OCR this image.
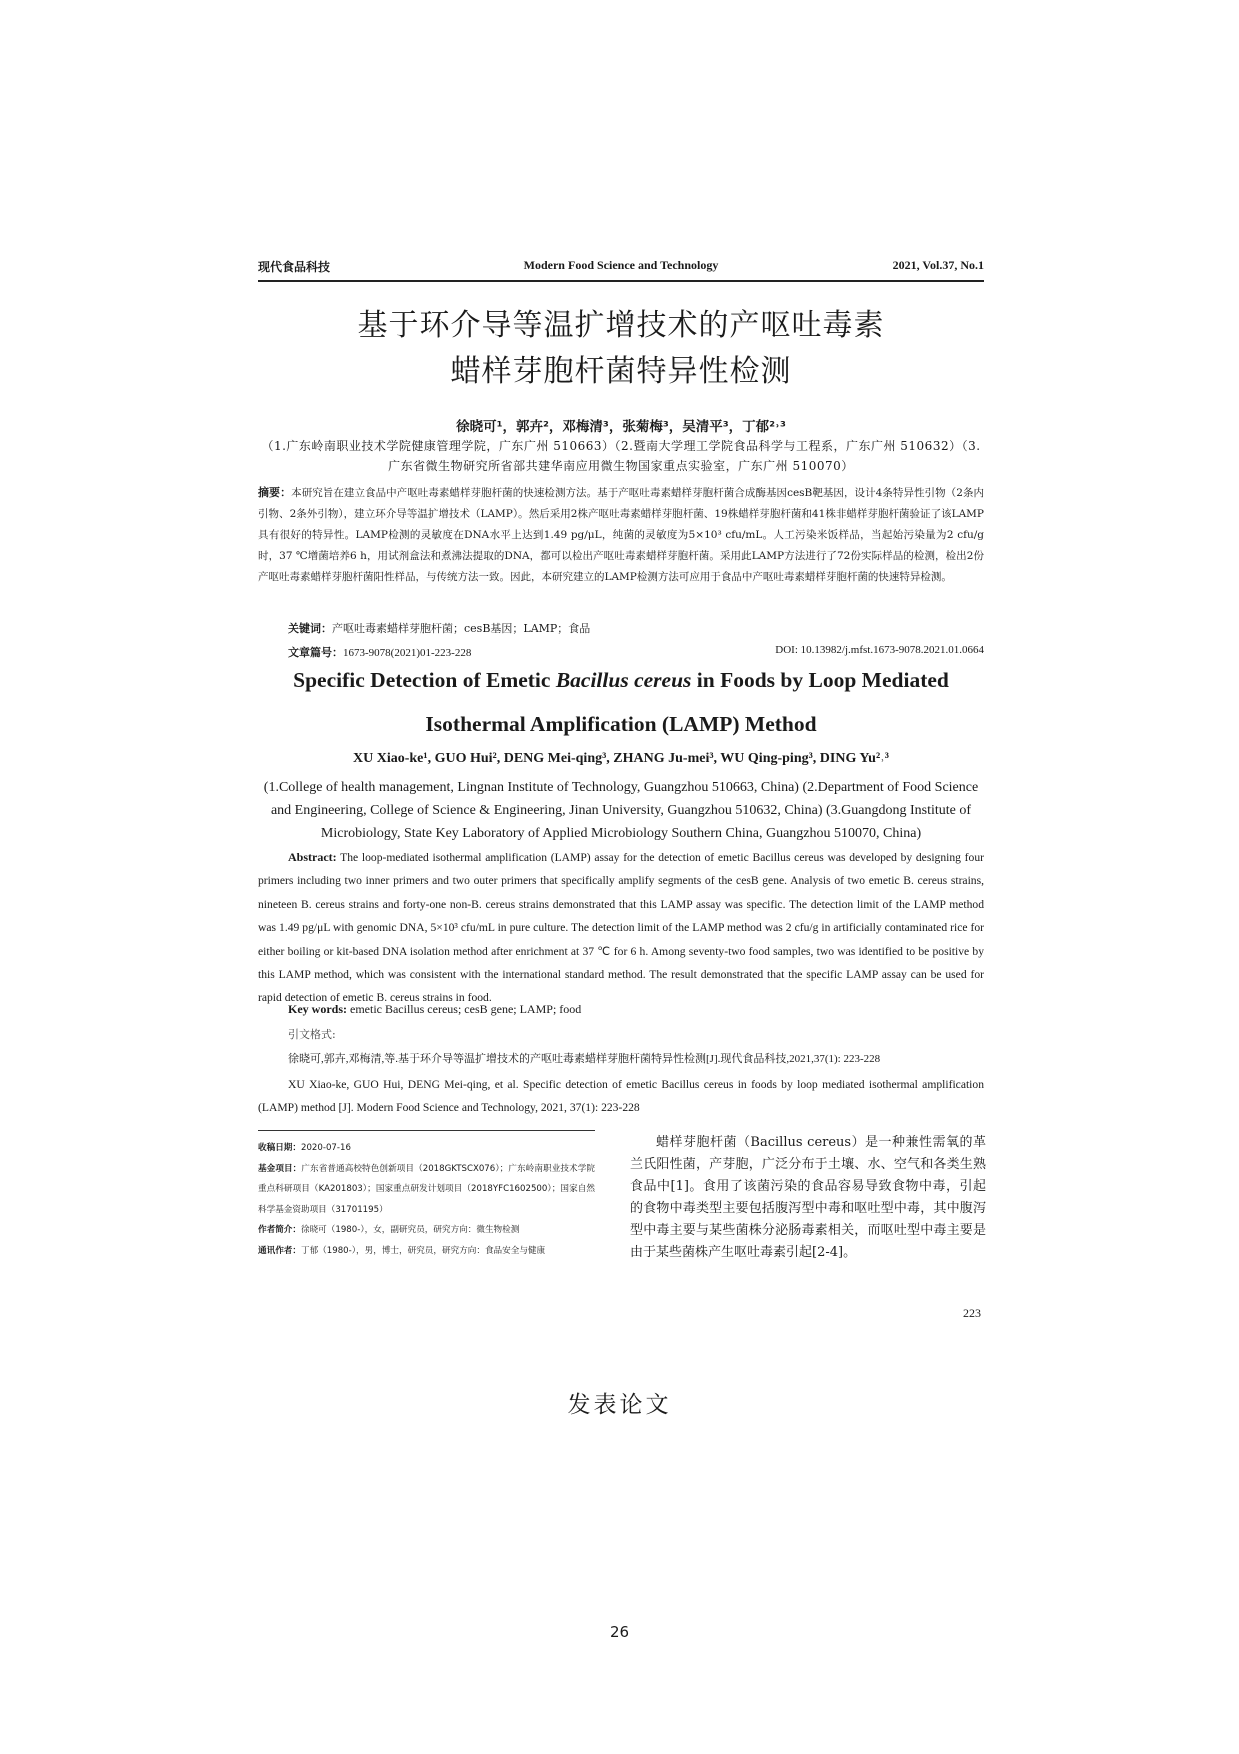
现代食品科技	Modern Food Science and Technology	2021, Vol.37, No.1
基于环介导等温扩增技术的产呕吐毒素
蜡样芽胞杆菌特异性检测
徐晓可¹，郭卉²，邓梅清³，张菊梅³，吴清平³，丁郁²˒³
（1.广东岭南职业技术学院健康管理学院，广东广州 510663）（2.暨南大学理工学院食品科学与工程系，广东广州 510632）（3.广东省微生物研究所省部共建华南应用微生物国家重点实验室，广东广州 510070）
摘要：本研究旨在建立食品中产呕吐毒素蜡样芽胞杆菌的快速检测方法。基于产呕吐毒素蜡样芽胞杆菌合成酶基因cesB靶基因，设计4条特异性引物（2条内引物、2条外引物），建立环介导等温扩增技术（LAMP）。然后采用2株产呕吐毒素蜡样芽胞杆菌、19株蜡样芽胞杆菌和41株非蜡样芽胞杆菌验证了该LAMP具有很好的特异性。LAMP检测的灵敏度在DNA水平上达到1.49 pg/μL，纯菌的灵敏度为5×10³ cfu/mL。人工污染米饭样品，当起始污染量为2 cfu/g时，37 ℃增菌培养6 h，用试剂盒法和煮沸法提取的DNA，都可以检出产呕吐毒素蜡样芽胞杆菌。采用此LAMP方法进行了72份实际样品的检测，检出2份产呕吐毒素蜡样芽胞杆菌阳性样品，与传统方法一致。因此，本研究建立的LAMP检测方法可应用于食品中产呕吐毒素蜡样芽胞杆菌的快速特异检测。
关键词：产呕吐毒素蜡样芽胞杆菌；cesB基因；LAMP；食品
文章篇号：1673-9078(2021)01-223-228	DOI: 10.13982/j.mfst.1673-9078.2021.01.0664
Specific Detection of Emetic Bacillus cereus in Foods by Loop Mediated
Isothermal Amplification (LAMP) Method
XU Xiao-ke¹, GUO Hui², DENG Mei-qing³, ZHANG Ju-mei³, WU Qing-ping³, DING Yu²˒³
(1.College of health management, Lingnan Institute of Technology, Guangzhou 510663, China) (2.Department of Food Science and Engineering, College of Science & Engineering, Jinan University, Guangzhou 510632, China) (3.Guangdong Institute of Microbiology, State Key Laboratory of Applied Microbiology Southern China, Guangzhou 510070, China)
Abstract: The loop-mediated isothermal amplification (LAMP) assay for the detection of emetic Bacillus cereus was developed by designing four primers including two inner primers and two outer primers that specifically amplify segments of the cesB gene. Analysis of two emetic B. cereus strains, nineteen B. cereus strains and forty-one non-B. cereus strains demonstrated that this LAMP assay was specific. The detection limit of the LAMP method was 1.49 pg/μL with genomic DNA, 5×10³ cfu/mL in pure culture. The detection limit of the LAMP method was 2 cfu/g in artificially contaminated rice for either boiling or kit-based DNA isolation method after enrichment at 37 ℃ for 6 h. Among seventy-two food samples, two was identified to be positive by this LAMP method, which was consistent with the international standard method. The result demonstrated that the specific LAMP assay can be used for rapid detection of emetic B. cereus strains in food.
Key words: emetic Bacillus cereus; cesB gene; LAMP; food
引文格式:
徐晓可,郭卉,邓梅清,等.基于环介导等温扩增技术的产呕吐毒素蜡样芽胞杆菌特异性检测[J].现代食品科技,2021,37(1): 223-228
XU Xiao-ke, GUO Hui, DENG Mei-qing, et al. Specific detection of emetic Bacillus cereus in foods by loop mediated isothermal amplification (LAMP) method [J]. Modern Food Science and Technology, 2021, 37(1): 223-228
收稿日期：2020-07-16
基金项目：广东省普通高校特色创新项目（2018GKTSCX076）；广东岭南职业技术学院重点科研项目（KA201803）；国家重点研发计划项目（2018YFC1602500）；国家自然科学基金资助项目（31701195）
作者简介：徐晓可（1980-），女，副研究员，研究方向：微生物检测
通讯作者：丁郁（1980-），男，博士，研究员，研究方向：食品安全与健康
蜡样芽胞杆菌（Bacillus cereus）是一种兼性需氧的革兰氏阳性菌，产芽胞，广泛分布于土壤、水、空气和各类生熟食品中[1]。食用了该菌污染的食品容易导致食物中毒，引起的食物中毒类型主要包括腹泻型中毒和呕吐型中毒，其中腹泻型中毒主要与某些菌株分泌肠毒素相关，而呕吐型中毒主要是由于某些菌株产生呕吐毒素引起[2-4]。
223
发表论文
26
